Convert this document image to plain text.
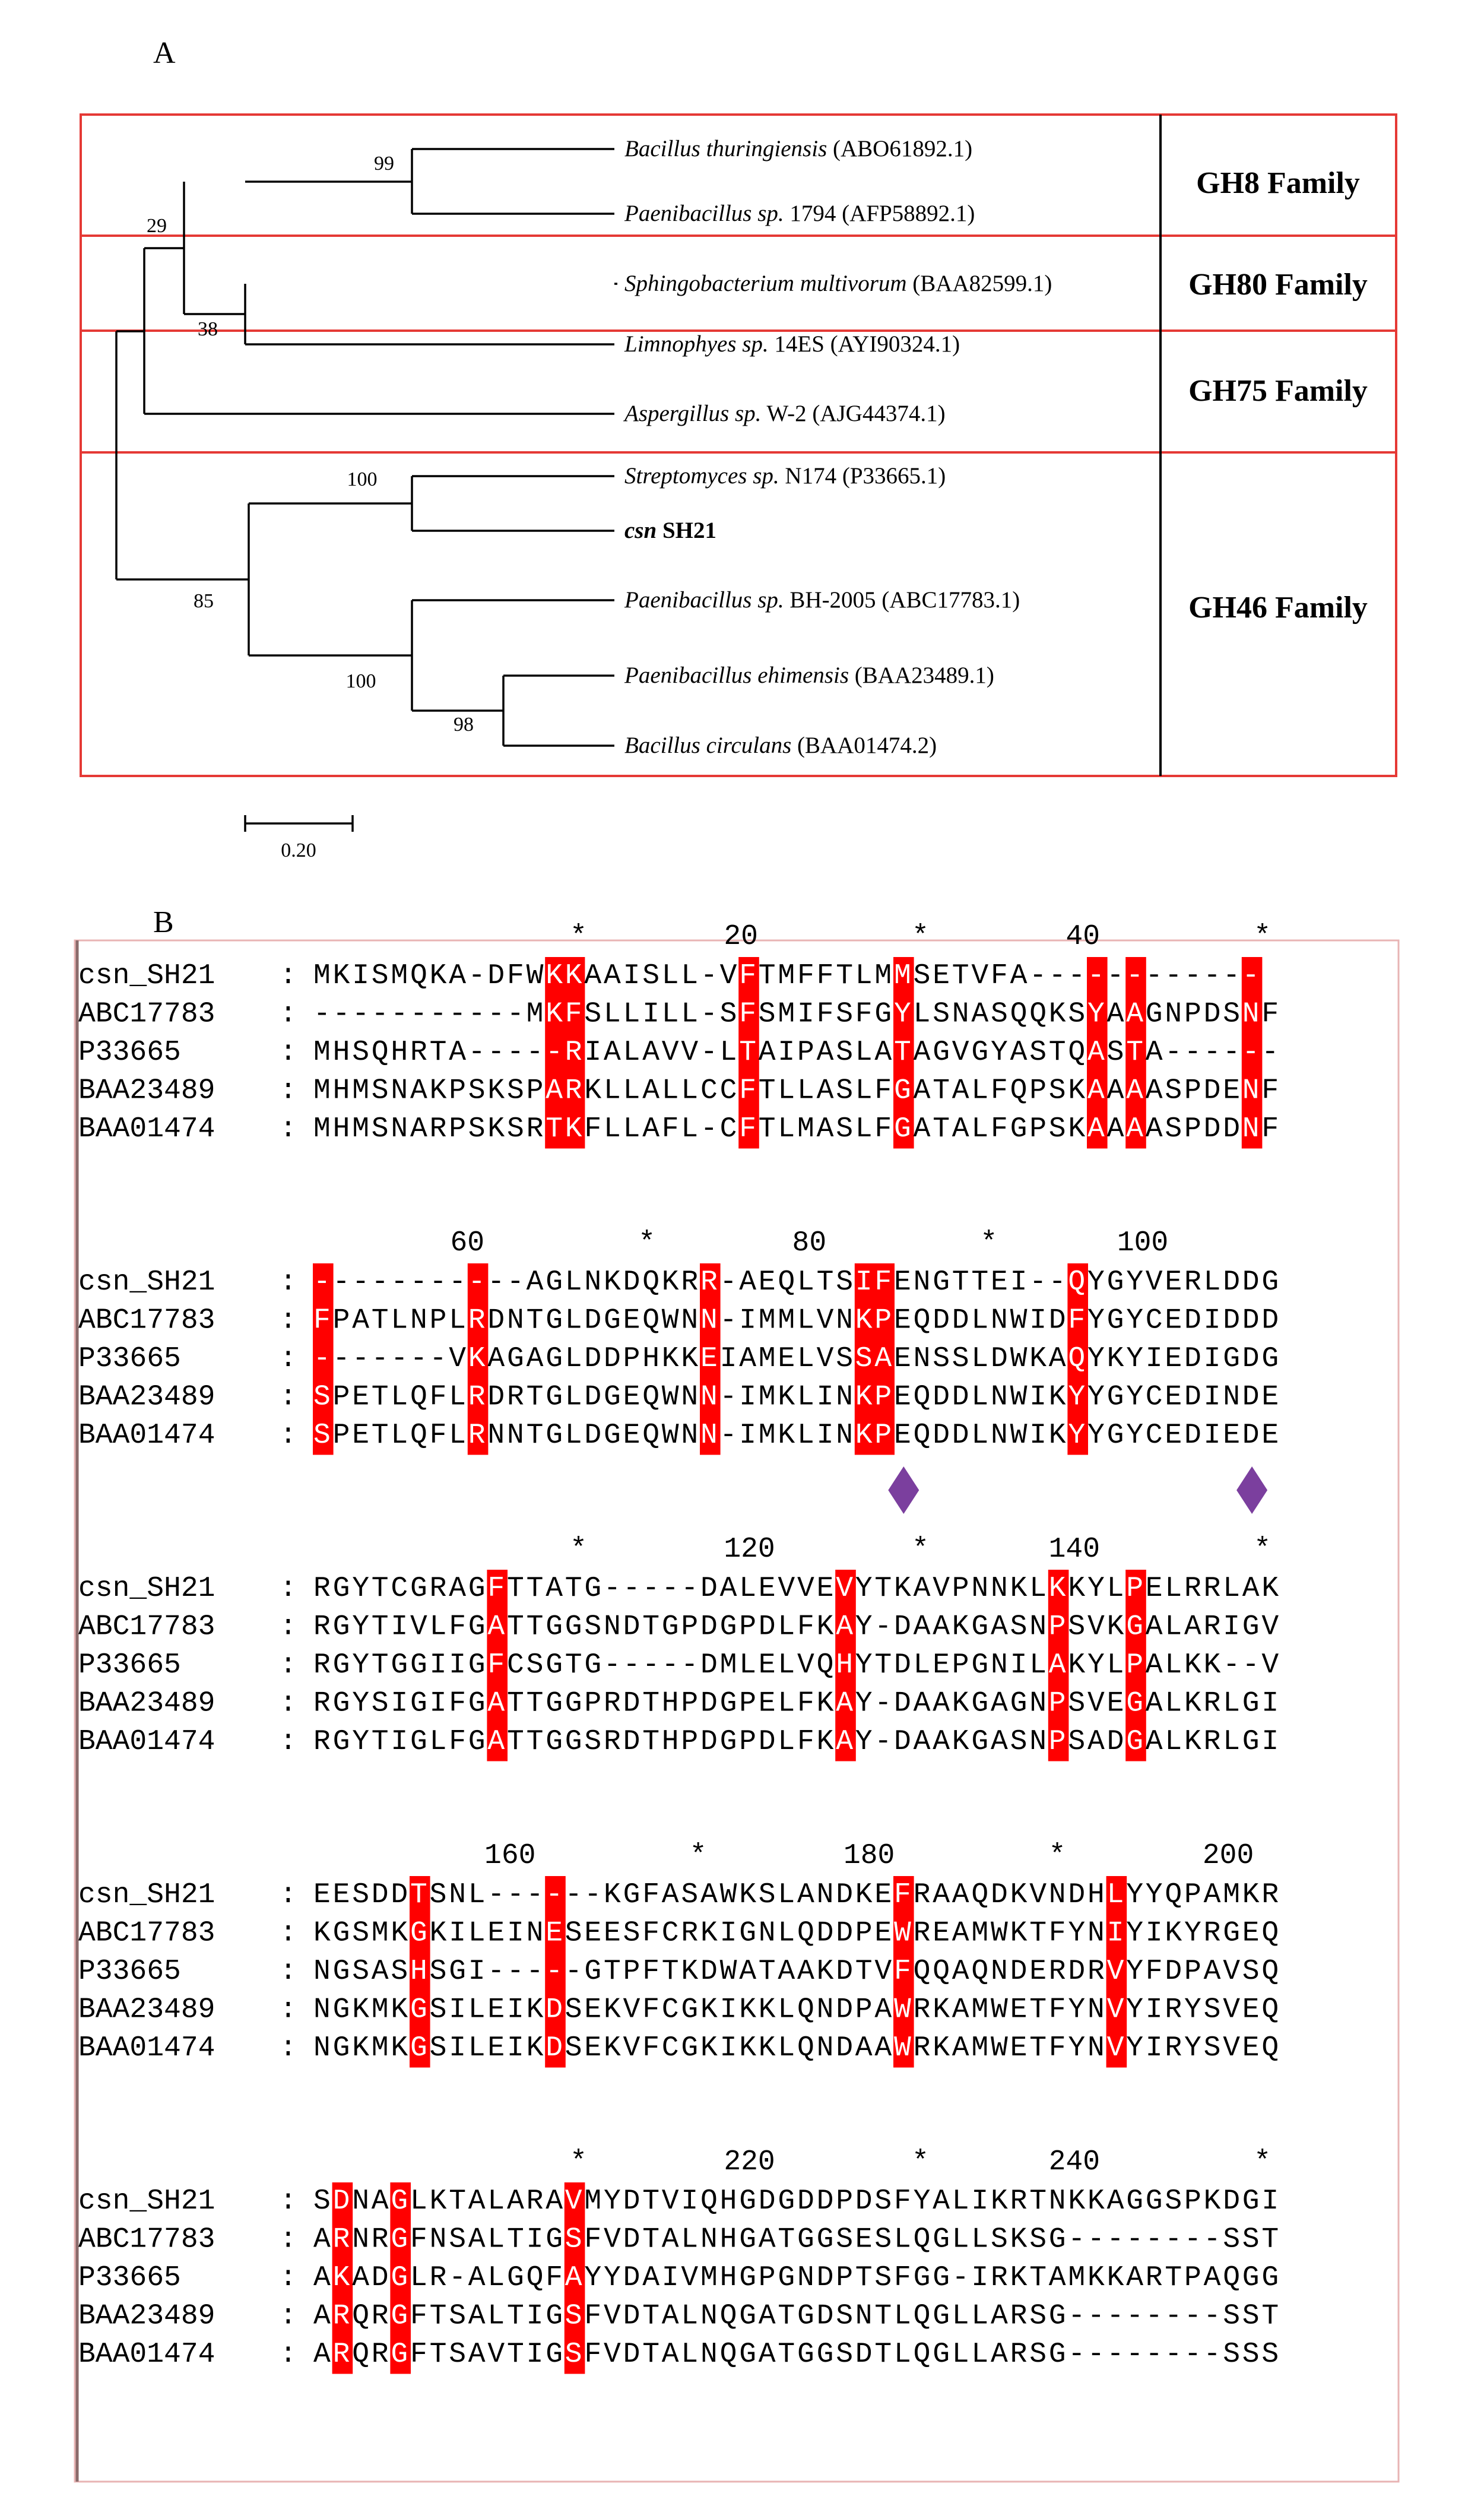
A
99
29
38
100
85
100
98
Bacillus thuringiensis (ABO61892.1)
Paenibacillus sp. 1794 (AFP58892.1)
Sphingobacterium multivorum (BAA82599.1)
Limnophyes sp. 14ES (AYI90324.1)
Aspergillus sp. W-2 (AJG44374.1)
Streptomyces sp. N174 (P33665.1)
csn SH21
Paenibacillus sp. BH-2005 (ABC17783.1)
Paenibacillus ehimensis (BAA23489.1)
Bacillus circulans (BAA01474.2)
GH8 Family
GH80 Family
GH75 Family
GH46 Family
0.20
B	*        20         *        40         *
csn_SH21 : MKISMQKA-DFWKKAAISLL-VFTMFFTLMMSETVFA------------
ABC17783 : -----------MKFSLLILL-SFSMIFSFGYLSNASQQKSYAAGNPDSNF
P33665	: MHSQHRTA-----RIALAVV-LTAIPASLATAGVGYASTQASTA------
BAA23489 : MHMSNAKPSKSPARKLLALLCCFTLLASLFGATALFQPSKAAAASPDENF
BAA01474 : MHMSNARPSKSRTKFLLAFL-CFTLMASLFGATALFGPSKAAAASPDDNF
60         *        80         *       100
csn_SH21 : -----------AGLNKDQKRR-AEQLTSIFENGTTEI--QYGYVERLDDG
ABC17783 : FPATLNPLRDNTGLDGEQWNN-IMMLVNKPEQDDLNWIDFYGYCEDIDDD
P33665	: -------VKAGAGLDDPHKKEIAMELVSSAENSSLDWKAQYKYIEDIGDG
BAA23489 : SPETLQFLRDRTGLDGEQWNN-IMKLINKPEQDDLNWIKYYGYCEDINDE
BAA01474 : SPETLQFLRNNTGLDGEQWNN-IMKLINKPEQDDLNWIKYYGYCEDIEDE
*        120        *       140         *
csn_SH21 : RGYTCGRAGFTTATG-----DALEVVEVYTKAVPNNKLKKYLPELRRLAK
ABC17783 : RGYTIVLFGATTGGSNDTGPDGPDLFKAY-DAAKGASNPSVKGALARIGV
P33665	: RGYTGGIIGFCSGTG-----DMLELVQHYTDLEPGNILAKYLPALKK--V
BAA23489 : RGYSIGIFGATTGGPRDTHPDGPELFKAY-DAAKGAGNPSVEGALKRLGI
BAA01474 : RGYTIGLFGATTGGSRDTHPDGPDLFKAY-DAAKGASNPSADGALKRLGI
160         *        180         *        200
csn_SH21 : EESDDTSNL------KGFASAWKSLANDKEFRAAQDKVNDHLYYQPAMKR
ABC17783 : KGSMKGKILEINESEESFCRKIGNLQDDPEWREAMWKTFYNIYIKYRGEQ
P33665	: NGSASHSGI-----GTPFTKDWATAAKDTVFQQAQNDERDRVYFDPAVSQ
BAA23489 : NGKMKGSILEIKDSEKVFCGKIKKLQNDPAWRKAMWETFYNVYIRYSVEQ
BAA01474 : NGKMKGSILEIKDSEKVFCGKIKKLQNDAAWRKAMWETFYNVYIRYSVEQ
*        220        *       240         *
csn_SH21 : SDNAGLKTALARAVMYDTVIQHGDGDDPDSFYALIKRTNKKAGGSPKDGI
ABC17783 : ARNRGFNSALTIGSFVDTALNHGATGGSESLQGLLSKSG--------SST
P33665	: AKADGLR-ALGQFAYYDAIVMHGPGNDPTSFGG-IRKTAMKKARTPAQGG
BAA23489 : ARQRGFTSALTIGSFVDTALNQGATGDSNTLQGLLARSG--------SST
BAA01474 : ARQRGFTSAVTIGSFVDTALNQGATGGSDTLQGLLARSG--------SSS
